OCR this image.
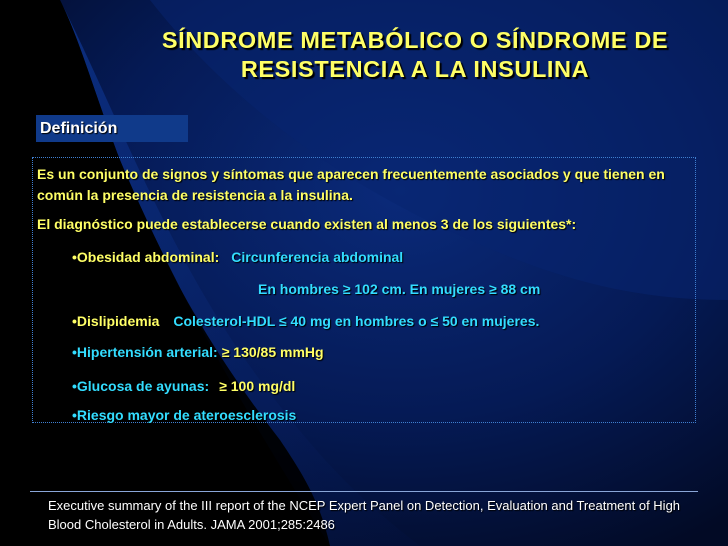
SÍNDROME METABÓLICO O SÍNDROME DE RESISTENCIA A LA INSULINA
Definición

Es un conjunto de signos y síntomas que aparecen frecuentemente asociados y que tienen en común la presencia de resistencia a la insulina.

El diagnóstico puede establecerse cuando existen al menos 3 de los siguientes*:

•Obesidad abdominal: Circunferencia abdominal
En hombres ≥ 102 cm. En mujeres ≥ 88 cm
•Dislipidemia Colesterol-HDL ≤ 40 mg en hombres o ≤ 50 en mujeres.
•Hipertensión arterial: ≥ 130/85 mmHg
•Glucosa de ayunas: ≥ 100 mg/dl
•Riesgo mayor de ateroesclerosis

Executive summary of the III report of the NCEP Expert Panel on Detection, Evaluation and Treatment of High Blood Cholesterol in Adults. JAMA 2001;285:2486
